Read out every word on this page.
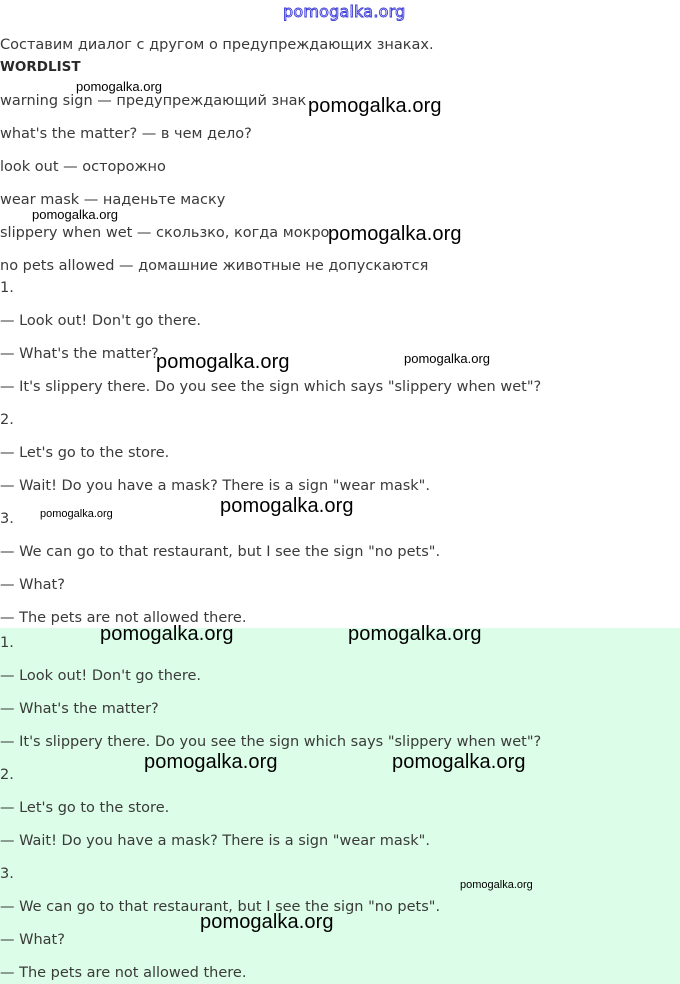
pomogalka.org
Составим диалог с другом о предупреждающих знаках.
WORDLIST
warning sign — предупреждающий знак
what's the matter? — в чем дело?
look out — осторожно
wear mask — наденьте маску
slippery when wet — скользко, когда мокро
no pets allowed — домашние животные не допускаются
1.
— Look out! Don't go there.
— What's the matter?
— It's slippery there. Do you see the sign which says "slippery when wet"?
2.
— Let's go to the store.
— Wait! Do you have a mask? There is a sign "wear mask".
3.
— We can go to that restaurant, but I see the sign "no pets".
— What?
— The pets are not allowed there.
1.
— Look out! Don't go there.
— What's the matter?
— It's slippery there. Do you see the sign which says "slippery when wet"?
2.
— Let's go to the store.
— Wait! Do you have a mask? There is a sign "wear mask".
3.
— We can go to that restaurant, but I see the sign "no pets".
— What?
— The pets are not allowed there.
pomogalka.org
pomogalka.org
pomogalka.org
pomogalka.org
pomogalka.org	pomogalka.org
pomogalka.org	pomogalka.org
pomogalka.org	pomogalka.org
pomogalka.org	pomogalka.org
pomogalka.org
pomogalka.org
